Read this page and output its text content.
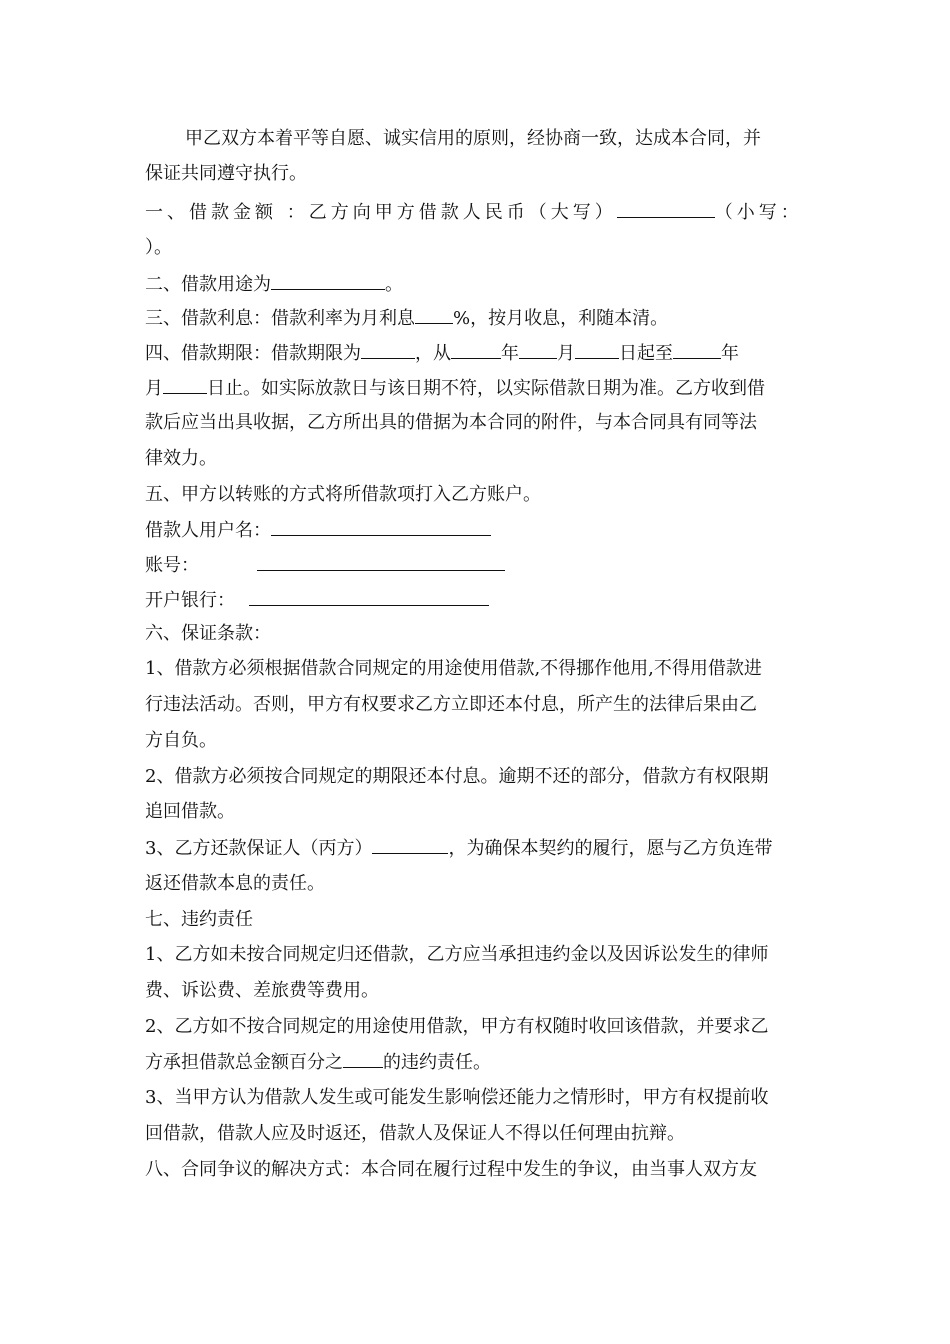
甲乙双方本着平等自愿、诚实信用的原则，经协商一致，达成本合同，并
保证共同遵守执行。
一、借款金额 ：乙方向甲方借款人民币（大写）	（小写：
）。
二、借款用途为	。
三、借款利息：借款利率为月利息 %，按月收息，利随本清。
四、借款期限：借款期限为	，从	年 月 日起至	年
月 日止。如实际放款日与该日期不符，以实际借款日期为准。乙方收到借
款后应当出具收据，乙方所出具的借据为本合同的附件，与本合同具有同等法
律效力。
五、甲方以转账的方式将所借款项打入乙方账户。
借款人用户名：
账号：
开户银行：
六、保证条款：
1、借款方必须根据借款合同规定的用途使用借款,不得挪作他用,不得用借款进
行违法活动。否则，甲方有权要求乙方立即还本付息，所产生的法律后果由乙
方自负。
2、借款方必须按合同规定的期限还本付息。逾期不还的部分，借款方有权限期
追回借款。
3、乙方还款保证人（丙方）	，为确保本契约的履行，愿与乙方负连带
返还借款本息的责任。
七、违约责任
1、乙方如未按合同规定归还借款，乙方应当承担违约金以及因诉讼发生的律师
费、诉讼费、差旅费等费用。
2、乙方如不按合同规定的用途使用借款，甲方有权随时收回该借款，并要求乙
方承担借款总金额百分之 的违约责任。
3、当甲方认为借款人发生或可能发生影响偿还能力之情形时，甲方有权提前收
回借款，借款人应及时返还，借款人及保证人不得以任何理由抗辩。
八、合同争议的解决方式：本合同在履行过程中发生的争议，由当事人双方友
